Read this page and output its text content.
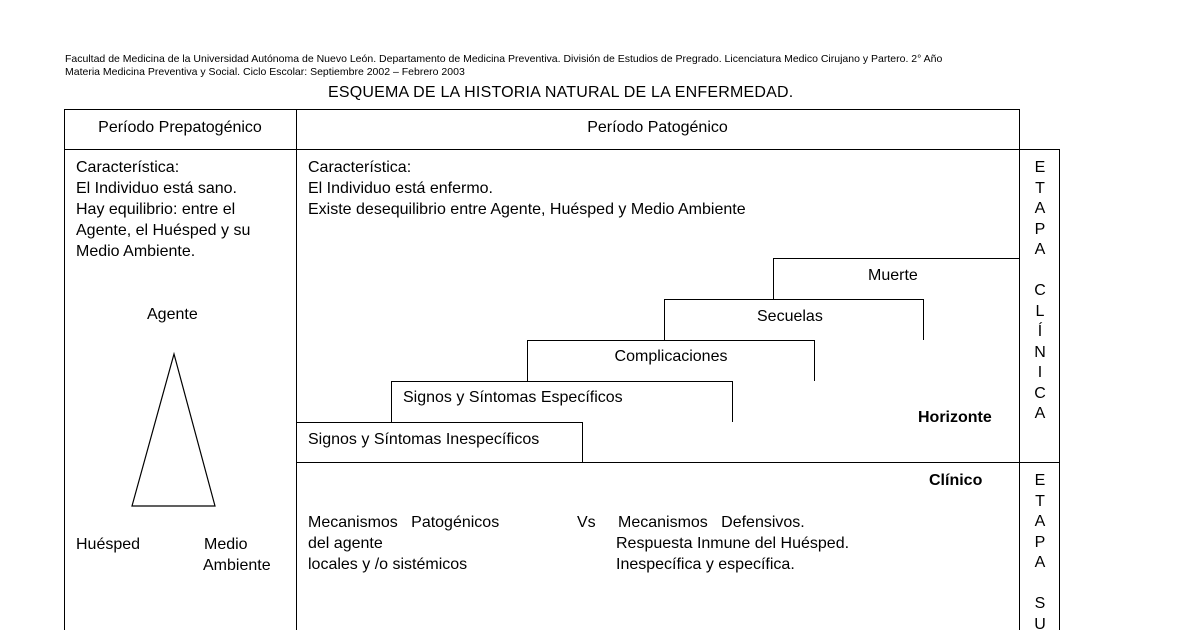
Facultad de Medicina de la Universidad Autónoma de Nuevo León. Departamento de Medicina Preventiva. División de Estudios de Pregrado. Licenciatura Medico Cirujano y Partero. 2° Año
Materia Medicina Preventiva y Social. Ciclo Escolar: Septiembre 2002 – Febrero 2003
ESQUEMA DE LA HISTORIA NATURAL DE LA ENFERMEDAD.
Período Prepatogénico	Período Patogénico
Característica:
El Individuo está sano.
Hay equilibrio: entre el
Agente, el Huésped y su
Medio Ambiente.
Agente
Huésped	Medio
Ambiente
Característica:
El Individuo está enfermo.
Existe desequilibrio entre Agente, Huésped y Medio Ambiente
Signos y Síntomas Inespecíficos
Signos y Síntomas Específicos
Complicaciones
Secuelas
Muerte
Horizonte
Clínico
Mecanismos   Patogénicos
del agente
locales y /o sistémicos
Vs Mecanismos   Defensivos.
Respuesta Inmune del Huésped.
Inespecífica y específica.
E
T
A
P
A
C
L
Í
N
I
C
A
E
T
A
P
A
S
U
